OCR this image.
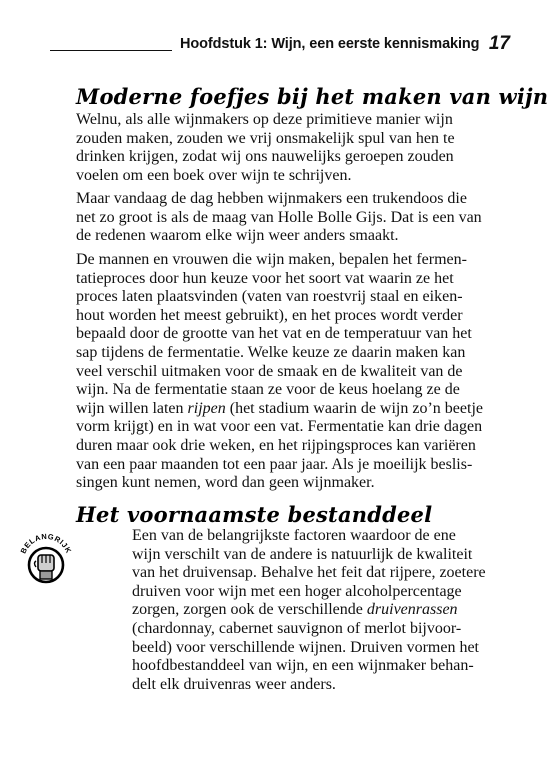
Hoofdstuk 1: Wijn, een eerste kennismaking 17
Moderne foefjes bij het maken van wijn

Welnu, als alle wijnmakers op deze primitieve manier wijn
zouden maken, zouden we vrij onsmakelijk spul van hen te
drinken krijgen, zodat wij ons nauwelijks geroepen zouden
voelen om een boek over wijn te schrijven.

Maar vandaag de dag hebben wijnmakers een trukendoos die
net zo groot is als de maag van Holle Bolle Gijs. Dat is een van
de redenen waarom elke wijn weer anders smaakt.

De mannen en vrouwen die wijn maken, bepalen het fermen-
tatieproces door hun keuze voor het soort vat waarin ze het
proces laten plaatsvinden (vaten van roestvrij staal en eiken-
hout worden het meest gebruikt), en het proces wordt verder
bepaald door de grootte van het vat en de temperatuur van het
sap tijdens de fermentatie. Welke keuze ze daarin maken kan
veel verschil uitmaken voor de smaak en de kwaliteit van de
wijn. Na de fermentatie staan ze voor de keus hoelang ze de
wijn willen laten rijpen (het stadium waarin de wijn zo’n beetje
vorm krijgt) en in wat voor een vat. Fermentatie kan drie dagen
duren maar ook drie weken, en het rijpingsproces kan variëren
van een paar maanden tot een paar jaar. Als je moeilijk beslis-
singen kunt nemen, word dan geen wijnmaker.

Het voornaamste bestanddeel
BELANGRIJK

Een van de belangrijkste factoren waardoor de ene
wijn verschilt van de andere is natuurlijk de kwaliteit
van het druivensap. Behalve het feit dat rijpere, zoetere
druiven voor wijn met een hoger alcoholpercentage
zorgen, zorgen ook de verschillende druivenrassen
(chardonnay, cabernet sauvignon of merlot bijvoor-
beeld) voor verschillende wijnen. Druiven vormen het
hoofdbestanddeel van wijn, en een wijnmaker behan-
delt elk druivenras weer anders.
